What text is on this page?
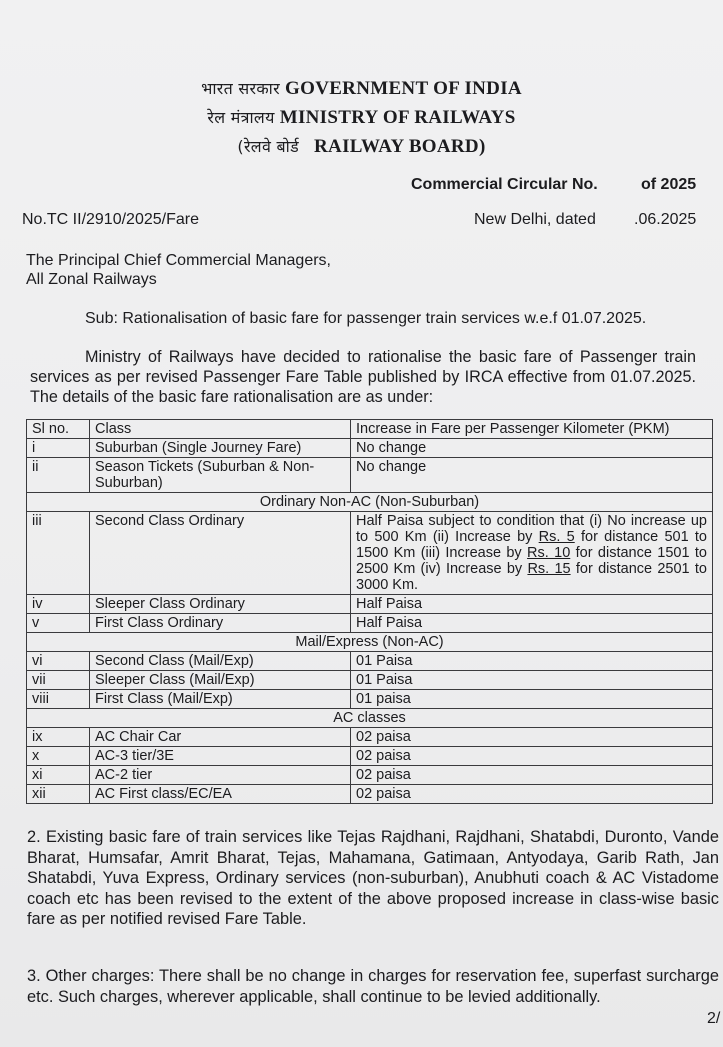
भारत सरकार GOVERNMENT OF INDIA
रेल मंत्रालय MINISTRY OF RAILWAYS
(रेलवे बोर्ड RAILWAY BOARD)
Commercial Circular No.	of 2025
No.TC II/2910/2025/Fare	New Delhi, dated .06.2025
The Principal Chief Commercial Managers,
All Zonal Railways
Sub: Rationalisation of basic fare for passenger train services w.e.f 01.07.2025.
Ministry of Railways have decided to rationalise the basic fare of Passenger train services as per revised Passenger Fare Table published by IRCA effective from 01.07.2025. The details of the basic fare rationalisation are as under:
Sl no.	Class	Increase in Fare per Passenger Kilometer (PKM)
i	Suburban (Single Journey Fare)	No change
ii	Season Tickets (Suburban & Non-Suburban)	No change
Ordinary Non-AC (Non-Suburban)		
iii	Second Class Ordinary	Half Paisa subject to condition that (i) No increase up to 500 Km (ii) Increase by Rs. 5 for distance 501 to 1500 Km (iii) Increase by Rs. 10 for distance 1501 to 2500 Km (iv) Increase by Rs. 15 for distance 2501 to 3000 Km.
iv	Sleeper Class Ordinary	Half Paisa
v	First Class Ordinary	Half Paisa
Mail/Express (Non-AC)		
vi	Second Class (Mail/Exp)	01 Paisa
vii	Sleeper Class (Mail/Exp)	01 Paisa
viii	First Class (Mail/Exp)	01 paisa
AC classes		
ix	AC Chair Car	02 paisa
x	AC-3 tier/3E	02 paisa
xi	AC-2 tier	02 paisa
xii	AC First class/EC/EA	02 paisa
2. Existing basic fare of train services like Tejas Rajdhani, Rajdhani, Shatabdi, Duronto, Vande Bharat, Humsafar, Amrit Bharat, Tejas, Mahamana, Gatimaan, Antyodaya, Garib Rath, Jan Shatabdi, Yuva Express, Ordinary services (non-suburban), Anubhuti coach & AC Vistadome coach etc has been revised to the extent of the above proposed increase in class-wise basic fare as per notified revised Fare Table.
3. Other charges: There shall be no change in charges for reservation fee, superfast surcharge etc. Such charges, wherever applicable, shall continue to be levied additionally.
2/
